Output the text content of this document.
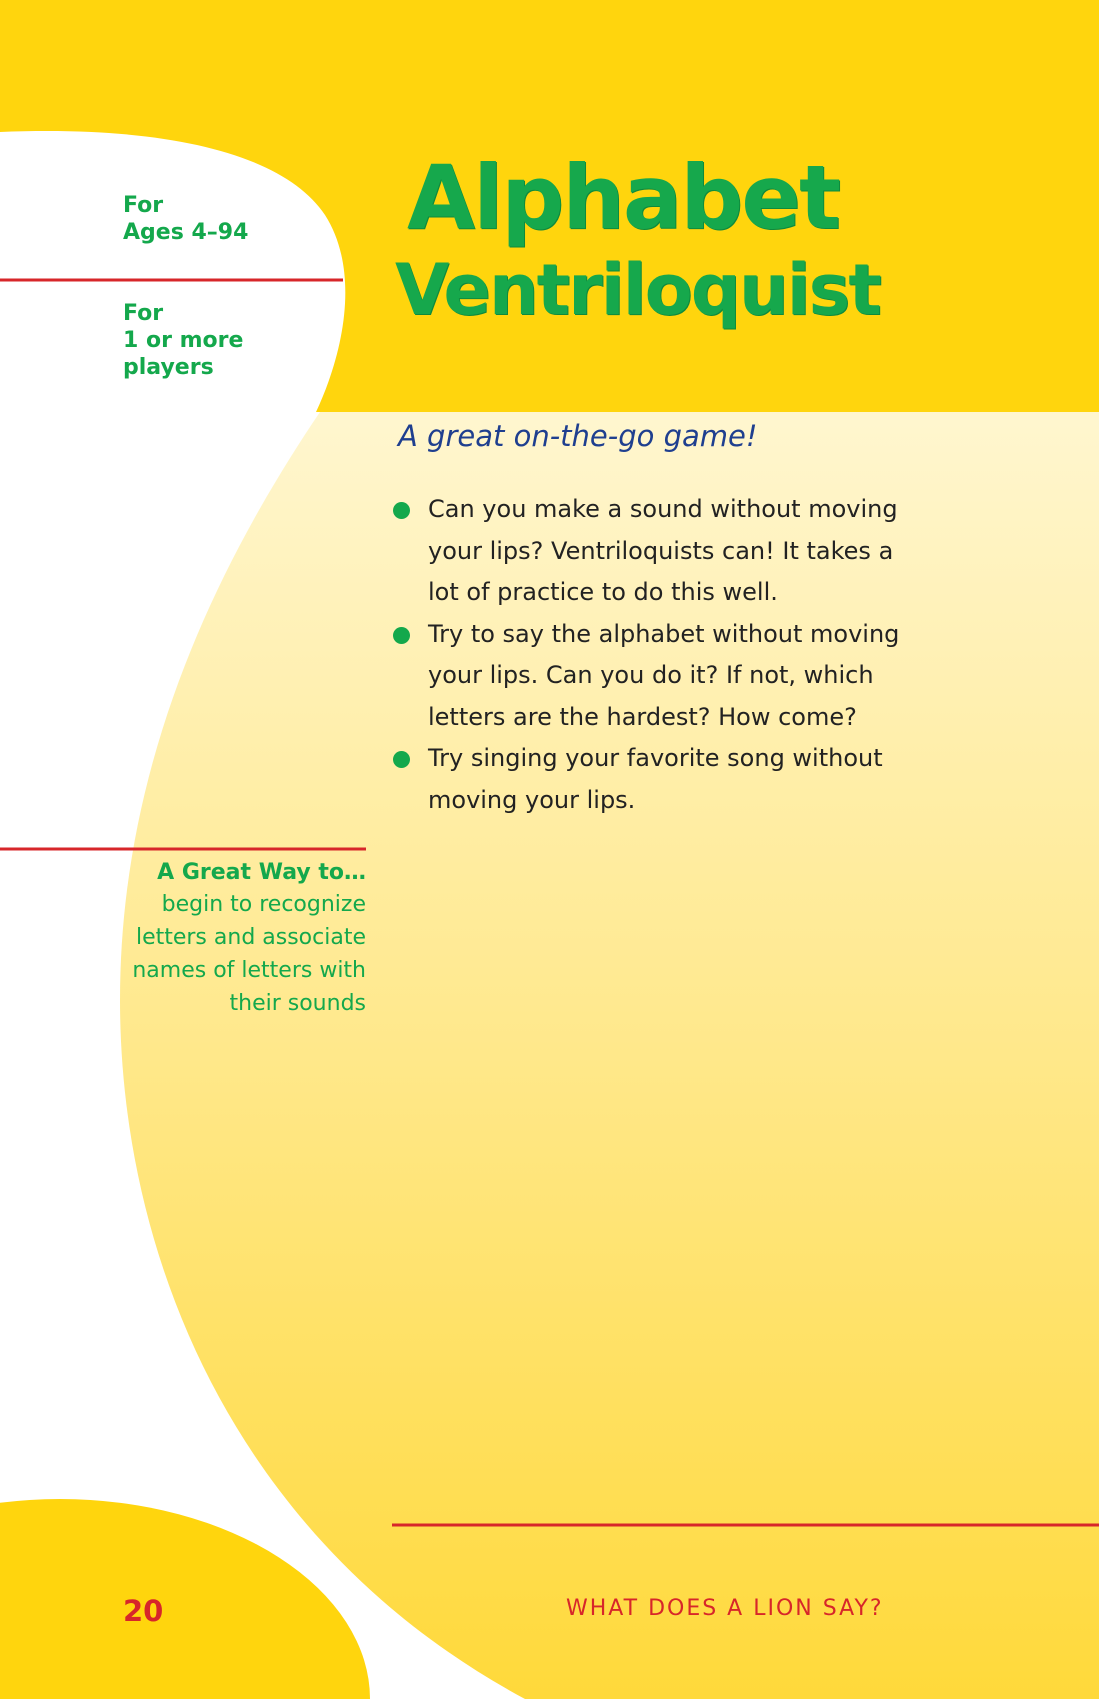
For
Ages 4–94
For
1 or more
players
Alphabet
Ventriloquist

A great on-the-go game!

Can you make a sound without moving your lips? Ventriloquists can! It takes a lot of practice to do this well.
Try to say the alphabet without moving your lips. Can you do it? If not, which letters are the hardest? How come?
Try singing your favorite song without moving your lips.
A Great Way to…
begin to recognize letters and associate names of letters with their sounds
20	WHAT DOES A LION SAY?
